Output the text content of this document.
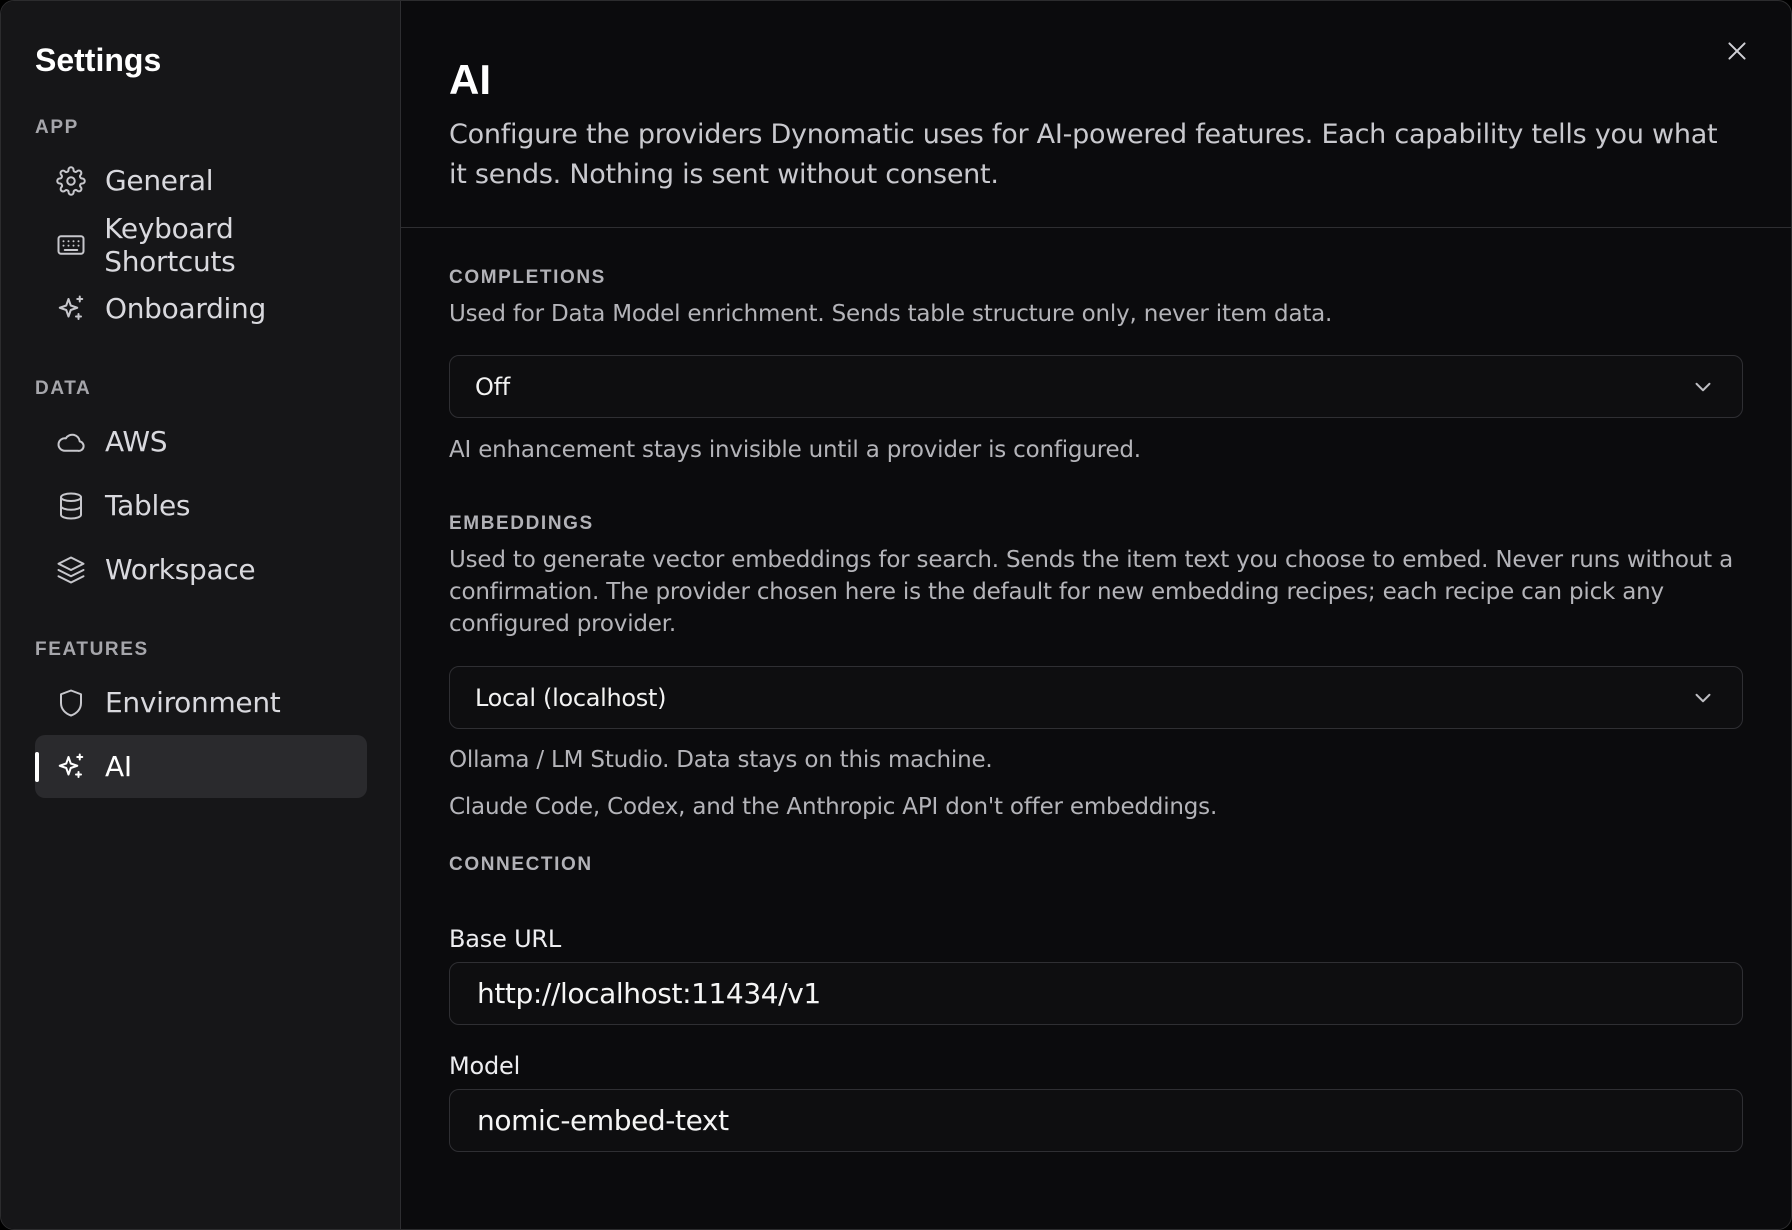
Settings
APP
General
Keyboard Shortcuts
Onboarding
DATA
AWS
Tables
Workspace
FEATURES
Environment
AI
AI
Configure the providers Dynomatic uses for AI-powered features. Each capability tells you what it sends. Nothing is sent without consent.
COMPLETIONS
Used for Data Model enrichment. Sends table structure only, never item data.
Off
AI enhancement stays invisible until a provider is configured.
EMBEDDINGS
Used to generate vector embeddings for search. Sends the item text you choose to embed. Never runs without a confirmation. The provider chosen here is the default for new embedding recipes; each recipe can pick any configured provider.
Local (localhost)
Ollama / LM Studio. Data stays on this machine.
Claude Code, Codex, and the Anthropic API don't offer embeddings.
CONNECTION
Base URL
http://localhost:11434/v1
Model
nomic-embed-text
